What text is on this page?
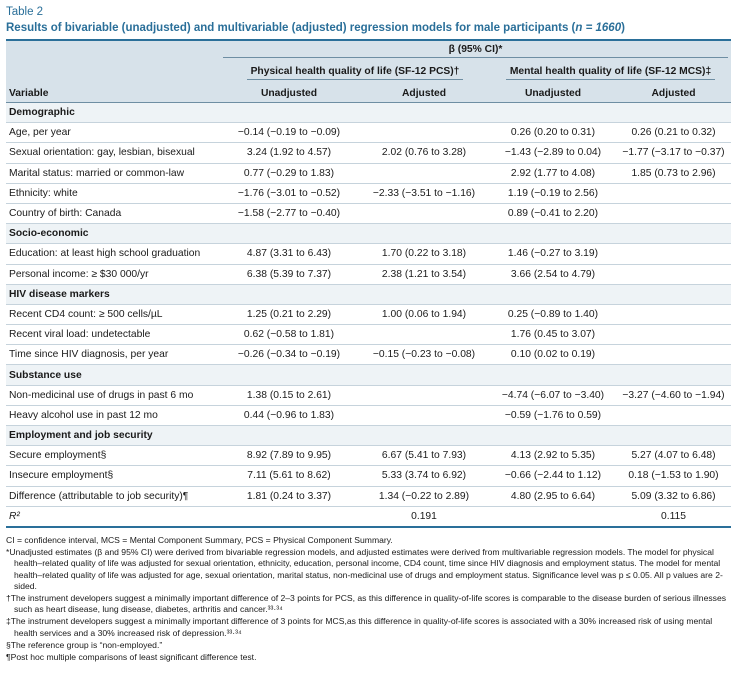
Table 2
Results of bivariable (unadjusted) and multivariable (adjusted) regression models for male participants (n = 1660)
	β (95% CI)*			
	Physical health quality of life (SF-12 PCS)†		Mental health quality of life (SF-12 MCS)‡	
Variable	Unadjusted	Adjusted	Unadjusted	Adjusted
Demographic				
Age, per year	−0.14 (−0.19 to −0.09)		0.26 (0.20 to 0.31)	0.26 (0.21 to 0.32)
Sexual orientation: gay, lesbian, bisexual	3.24 (1.92 to 4.57)	2.02 (0.76 to 3.28)	−1.43 (−2.89 to 0.04)	−1.77 (−3.17 to −0.37)
Marital status: married or common-law	0.77 (−0.29 to 1.83)		2.92 (1.77 to 4.08)	1.85 (0.73 to 2.96)
Ethnicity: white	−1.76 (−3.01 to −0.52)	−2.33 (−3.51 to −1.16)	1.19 (−0.19 to 2.56)	
Country of birth: Canada	−1.58 (−2.77 to −0.40)		0.89 (−0.41 to 2.20)	
Socio-economic				
Education: at least high school graduation	4.87 (3.31 to 6.43)	1.70 (0.22 to 3.18)	1.46 (−0.27 to 3.19)	
Personal income: ≥ $30 000/yr	6.38 (5.39 to 7.37)	2.38 (1.21 to 3.54)	3.66 (2.54 to 4.79)	
HIV disease markers				
Recent CD4 count: ≥ 500 cells/µL	1.25 (0.21 to 2.29)	1.00 (0.06 to 1.94)	0.25 (−0.89 to 1.40)	
Recent viral load: undetectable	0.62 (−0.58 to 1.81)		1.76 (0.45 to 3.07)	
Time since HIV diagnosis, per year	−0.26 (−0.34 to −0.19)	−0.15 (−0.23 to −0.08)	0.10 (0.02 to 0.19)	
Substance use				
Non-medicinal use of drugs in past 6 mo	1.38 (0.15 to 2.61)		−4.74 (−6.07 to −3.40)	−3.27 (−4.60 to −1.94)
Heavy alcohol use in past 12 mo	0.44 (−0.96 to 1.83)		−0.59 (−1.76 to 0.59)	
Employment and job security				
Secure employment§	8.92 (7.89 to 9.95)	6.67 (5.41 to 7.93)	4.13 (2.92 to 5.35)	5.27 (4.07 to 6.48)
Insecure employment§	7.11 (5.61 to 8.62)	5.33 (3.74 to 6.92)	−0.66 (−2.44 to 1.12)	0.18 (−1.53 to 1.90)
Difference (attributable to job security)¶	1.81 (0.24 to 3.37)	1.34 (−0.22 to 2.89)	4.80 (2.95 to 6.64)	5.09 (3.32 to 6.86)
R²		0.191		0.115

CI = confidence interval, MCS = Mental Component Summary, PCS = Physical Component Summary.

*Unadjusted estimates (β and 95% CI) were derived from bivariable regression models, and adjusted estimates were derived from multivariable regression models. The model for physical health–related quality of life was adjusted for sexual orientation, ethnicity, education, personal income, CD4 count, time since HIV diagnosis and employment status. The model for mental health–related quality of life was adjusted for age, sexual orientation, marital status, non-medicinal use of drugs and employment status. Significance level was p ≤ 0.05. All p values are 2-sided.

†The instrument developers suggest a minimally important difference of 2–3 points for PCS, as this difference in quality-of-life scores is comparable to the disease burden of serious illnesses such as heart disease, lung disease, diabetes, arthritis and cancer.³³·³⁴

‡The instrument developers suggest a minimally important difference of 3 points for MCS,as this difference in quality-of-life scores is associated with a 30% increased risk of using mental health services and a 30% increased risk of depression.³³·³⁴

§The reference group is “non-employed.”

¶Post hoc multiple comparisons of least significant difference test.
